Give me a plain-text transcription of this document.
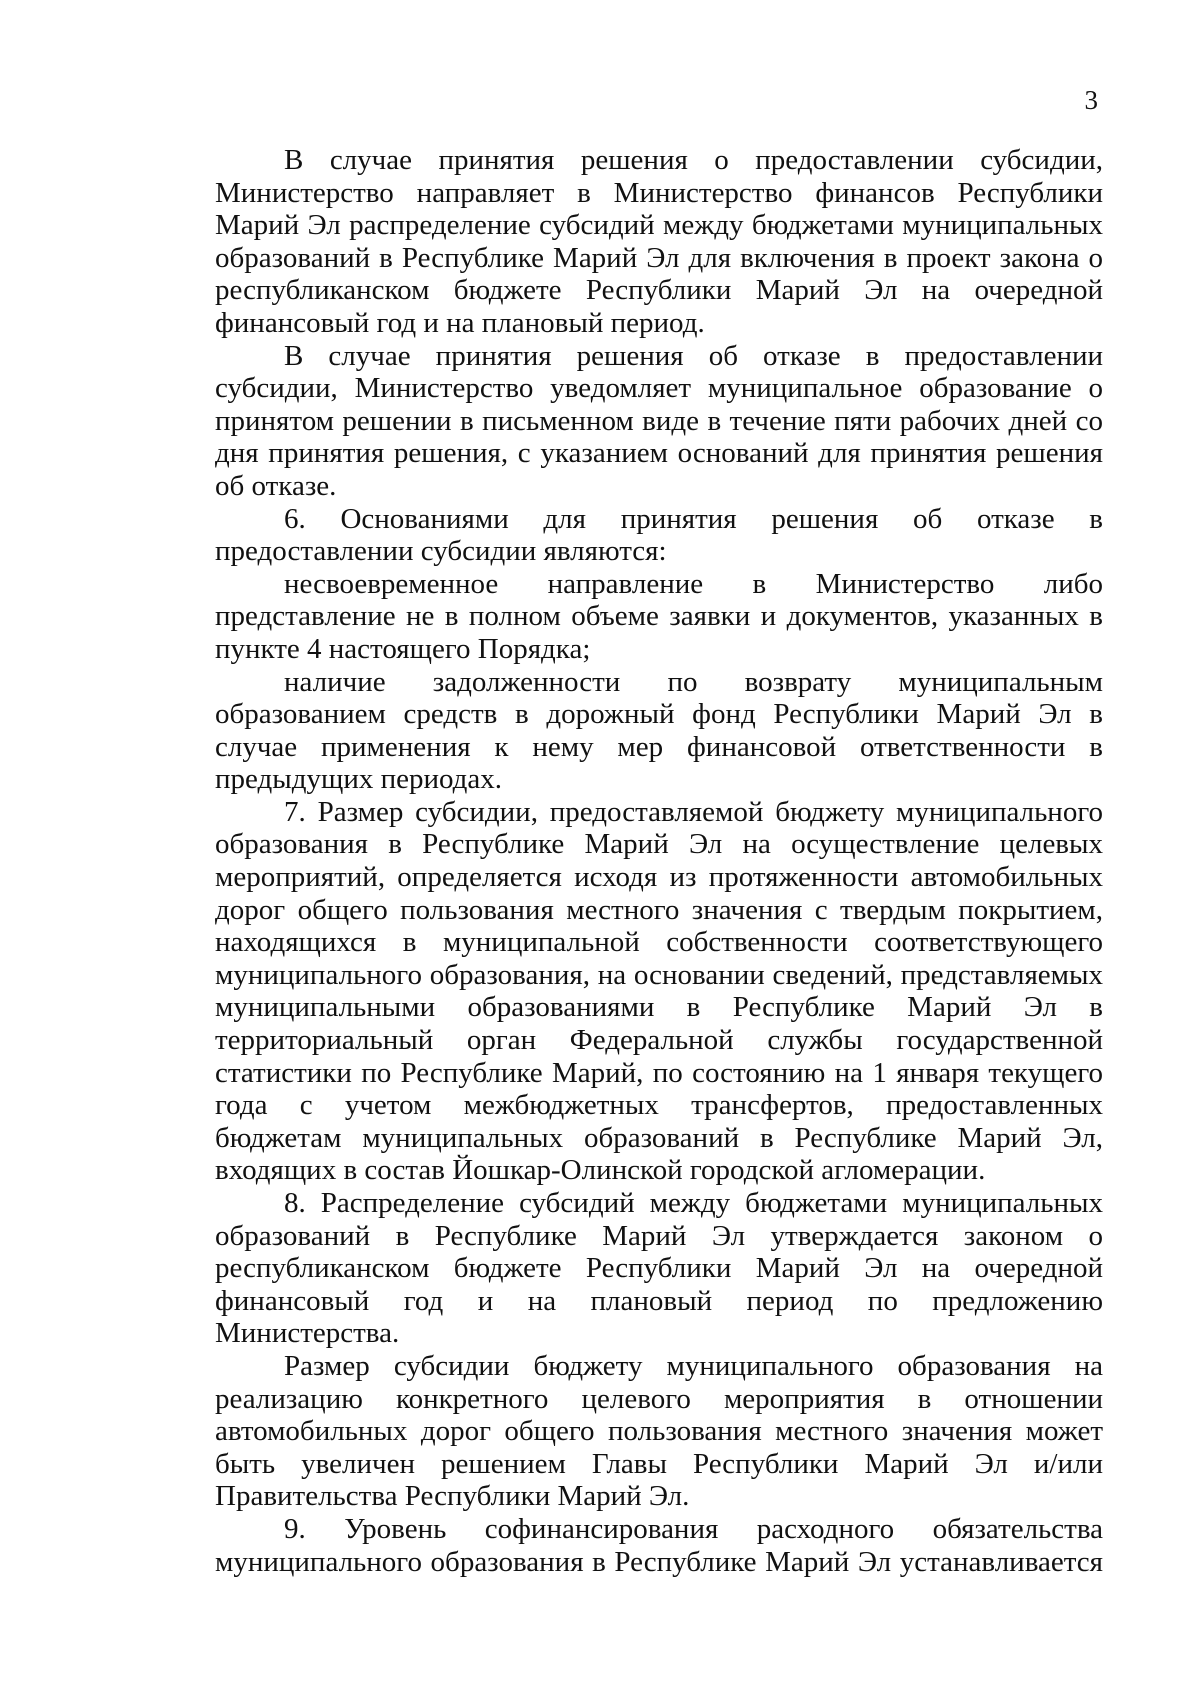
3

В случае принятия решения о предоставлении субсидии, Министерство направляет в Министерство финансов Республики Марий Эл распределение субсидий между бюджетами муниципальных образований в Республике Марий Эл для включения в проект закона о республиканском бюджете Республики Марий Эл на очередной финансовый год и на плановый период.

В случае принятия решения об отказе в предоставлении субсидии, Министерство уведомляет муниципальное образование о принятом решении в письменном виде в течение пяти рабочих дней со дня принятия решения, с указанием оснований для принятия решения об отказе.

6. Основаниями для принятия решения об отказе в предоставлении субсидии являются:

несвоевременное направление в Министерство либо представление не в полном объеме заявки и документов, указанных в пункте 4 настоящего Порядка;

наличие задолженности по возврату муниципальным образованием средств в дорожный фонд Республики Марий Эл в случае применения к нему мер финансовой ответственности в предыдущих периодах.

7. Размер субсидии, предоставляемой бюджету муниципального образования в Республике Марий Эл на осуществление целевых мероприятий, определяется исходя из протяженности автомобильных дорог общего пользования местного значения с твердым покрытием, находящихся в муниципальной собственности соответствующего муниципального образования, на основании сведений, представляемых муниципальными образованиями в Республике Марий Эл в территориальный орган Федеральной службы государственной статистики по Республике Марий, по состоянию на 1 января текущего года с учетом межбюджетных трансфертов, предоставленных бюджетам муниципальных образований в Республике Марий Эл, входящих в состав Йошкар-Олинской городской агломерации.

8. Распределение субсидий между бюджетами муниципальных образований в Республике Марий Эл утверждается законом о республиканском бюджете Республики Марий Эл на очередной финансовый год и на плановый период по предложению Министерства.

Размер субсидии бюджету муниципального образования на реализацию конкретного целевого мероприятия в отношении автомобильных дорог общего пользования местного значения может быть увеличен решением Главы Республики Марий Эл и/или Правительства Республики Марий Эл.

9. Уровень софинансирования расходного обязательства муниципального образования в Республике Марий Эл устанавливается
